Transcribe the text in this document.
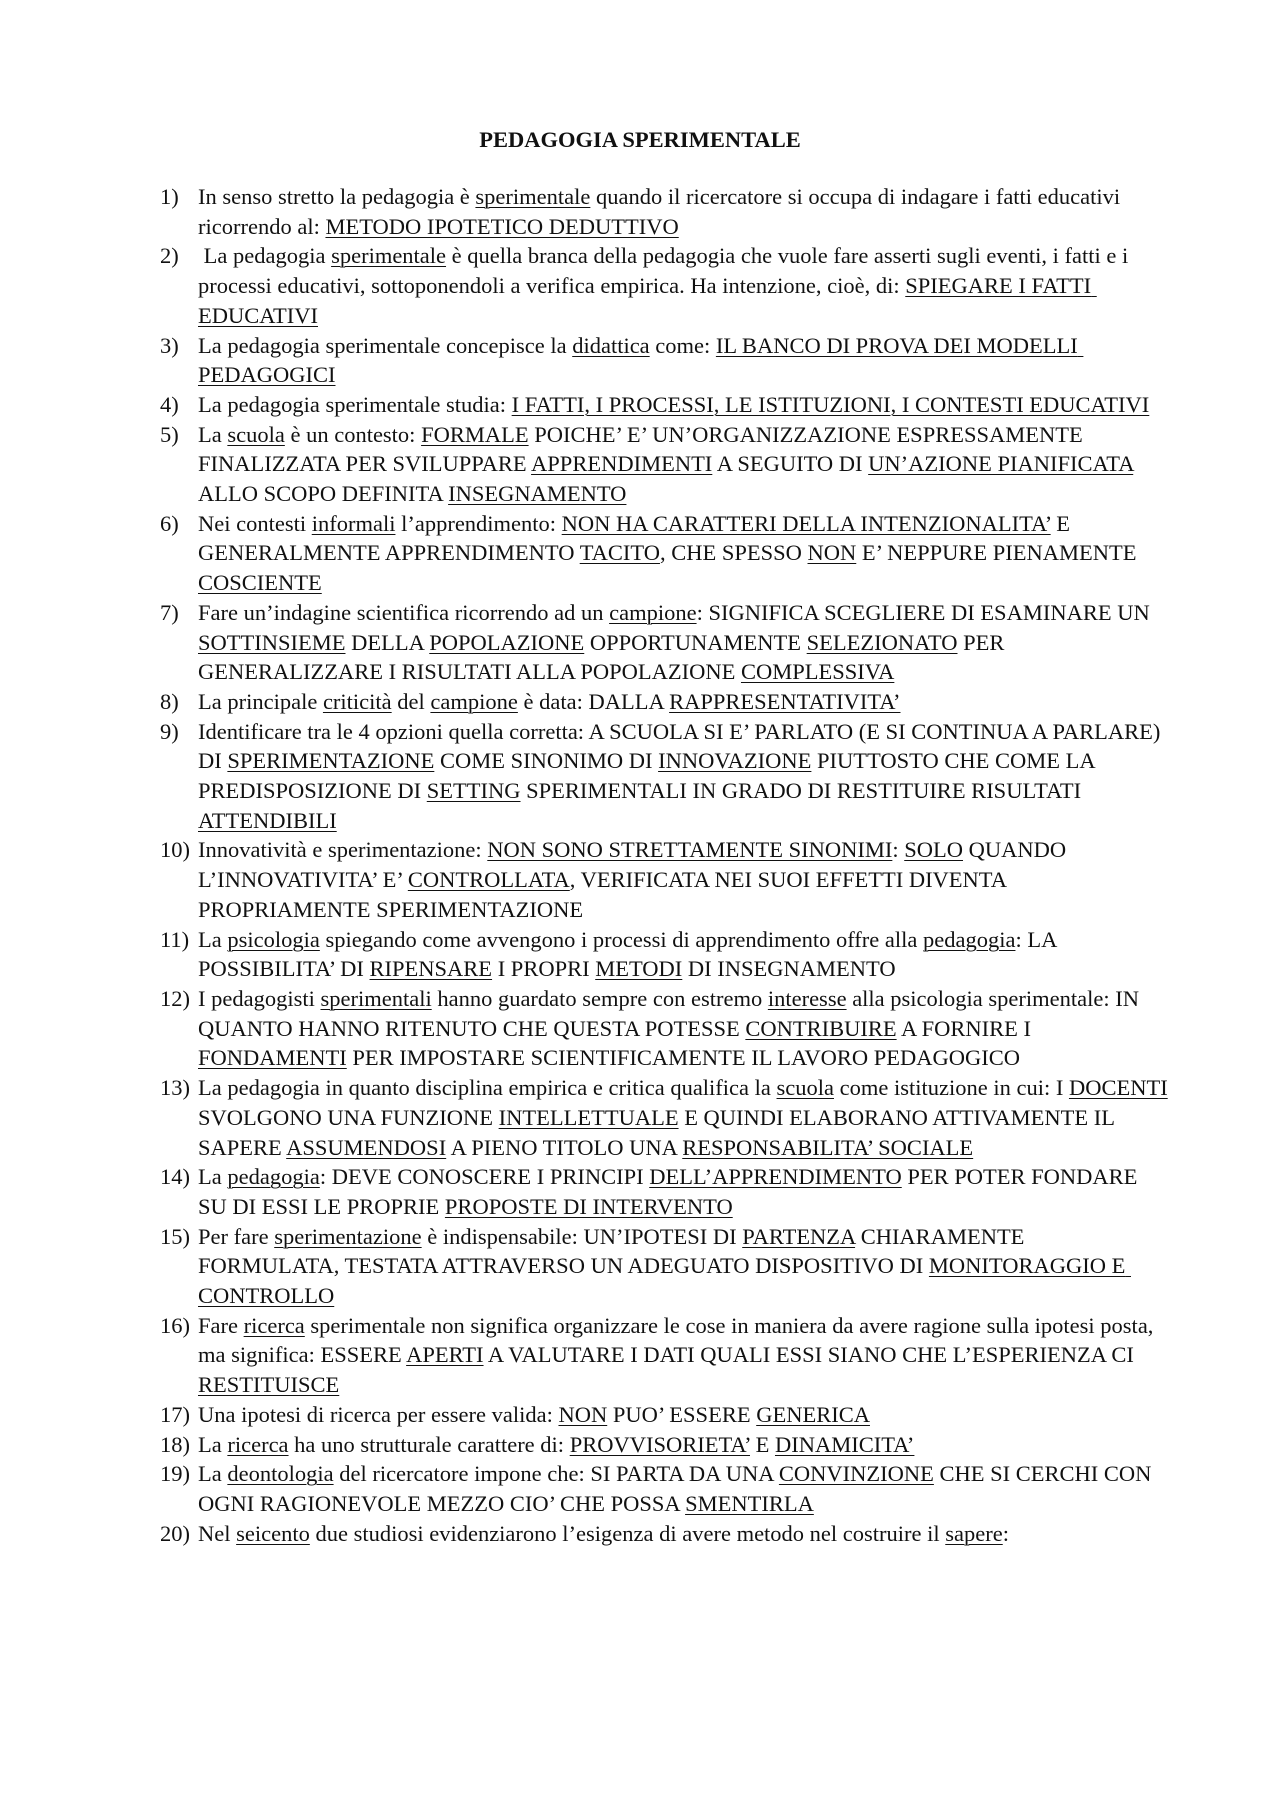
PEDAGOGIA SPERIMENTALE
1) In senso stretto la pedagogia è sperimentale quando il ricercatore si occupa di indagare i fatti educativi ricorrendo al: METODO IPOTETICO DEDUTTIVO
2) La pedagogia sperimentale è quella branca della pedagogia che vuole fare asserti sugli eventi, i fatti e i processi educativi, sottoponendoli a verifica empirica. Ha intenzione, cioè, di: SPIEGARE I FATTI EDUCATIVI
3) La pedagogia sperimentale concepisce la didattica come: IL BANCO DI PROVA DEI MODELLI PEDAGOGICI
4) La pedagogia sperimentale studia: I FATTI, I PROCESSI, LE ISTITUZIONI, I CONTESTI EDUCATIVI
5) La scuola è un contesto: FORMALE POICHE’ E’ UN’ORGANIZZAZIONE ESPRESSAMENTE FINALIZZATA PER SVILUPPARE APPRENDIMENTI A SEGUITO DI UN’AZIONE PIANIFICATA ALLO SCOPO DEFINITA INSEGNAMENTO
6) Nei contesti informali l’apprendimento: NON HA CARATTERI DELLA INTENZIONALITA’ E GENERALMENTE APPRENDIMENTO TACITO, CHE SPESSO NON E’ NEPPURE PIENAMENTE COSCIENTE
7) Fare un’indagine scientifica ricorrendo ad un campione: SIGNIFICA SCEGLIERE DI ESAMINARE UN SOTTINSIEME DELLA POPOLAZIONE OPPORTUNAMENTE SELEZIONATO PER GENERALIZZARE I RISULTATI ALLA POPOLAZIONE COMPLESSIVA
8) La principale criticità del campione è data: DALLA RAPPRESENTATIVITA’
9) Identificare tra le 4 opzioni quella corretta: A SCUOLA SI E’ PARLATO (E SI CONTINUA A PARLARE) DI SPERIMENTAZIONE COME SINONIMO DI INNOVAZIONE PIUTTOSTO CHE COME LA PREDISPOSIZIONE DI SETTING SPERIMENTALI IN GRADO DI RESTITUIRE RISULTATI ATTENDIBILI
10) Innovatività e sperimentazione: NON SONO STRETTAMENTE SINONIMI: SOLO QUANDO L’INNOVATIVITA’ E’ CONTROLLATA, VERIFICATA NEI SUOI EFFETTI DIVENTA PROPRIAMENTE SPERIMENTAZIONE
11) La psicologia spiegando come avvengono i processi di apprendimento offre alla pedagogia: LA POSSIBILITA’ DI RIPENSARE I PROPRI METODI DI INSEGNAMENTO
12) I pedagogisti sperimentali hanno guardato sempre con estremo interesse alla psicologia sperimentale: IN QUANTO HANNO RITENUTO CHE QUESTA POTESSE CONTRIBUIRE A FORNIRE I FONDAMENTI PER IMPOSTARE SCIENTIFICAMENTE IL LAVORO PEDAGOGICO
13) La pedagogia in quanto disciplina empirica e critica qualifica la scuola come istituzione in cui: I DOCENTI SVOLGONO UNA FUNZIONE INTELLETTUALE E QUINDI ELABORANO ATTIVAMENTE IL SAPERE ASSUMENDOSI A PIENO TITOLO UNA RESPONSABILITA’ SOCIALE
14) La pedagogia: DEVE CONOSCERE I PRINCIPI DELL’APPRENDIMENTO PER POTER FONDARE SU DI ESSI LE PROPRIE PROPOSTE DI INTERVENTO
15) Per fare sperimentazione è indispensabile: UN’IPOTESI DI PARTENZA CHIARAMENTE FORMULATA, TESTATA ATTRAVERSO UN ADEGUATO DISPOSITIVO DI MONITORAGGIO E CONTROLLO
16) Fare ricerca sperimentale non significa organizzare le cose in maniera da avere ragione sulla ipotesi posta, ma significa: ESSERE APERTI A VALUTARE I DATI QUALI ESSI SIANO CHE L’ESPERIENZA CI RESTITUISCE
17) Una ipotesi di ricerca per essere valida: NON PUO’ ESSERE GENERICA
18) La ricerca ha uno strutturale carattere di: PROVVISORIETA’ E DINAMICITA’
19) La deontologia del ricercatore impone che: SI PARTA DA UNA CONVINZIONE CHE SI CERCHI CON OGNI RAGIONEVOLE MEZZO CIO’ CHE POSSA SMENTIRLA
20) Nel seicento due studiosi evidenziarono l’esigenza di avere metodo nel costruire il sapere:
